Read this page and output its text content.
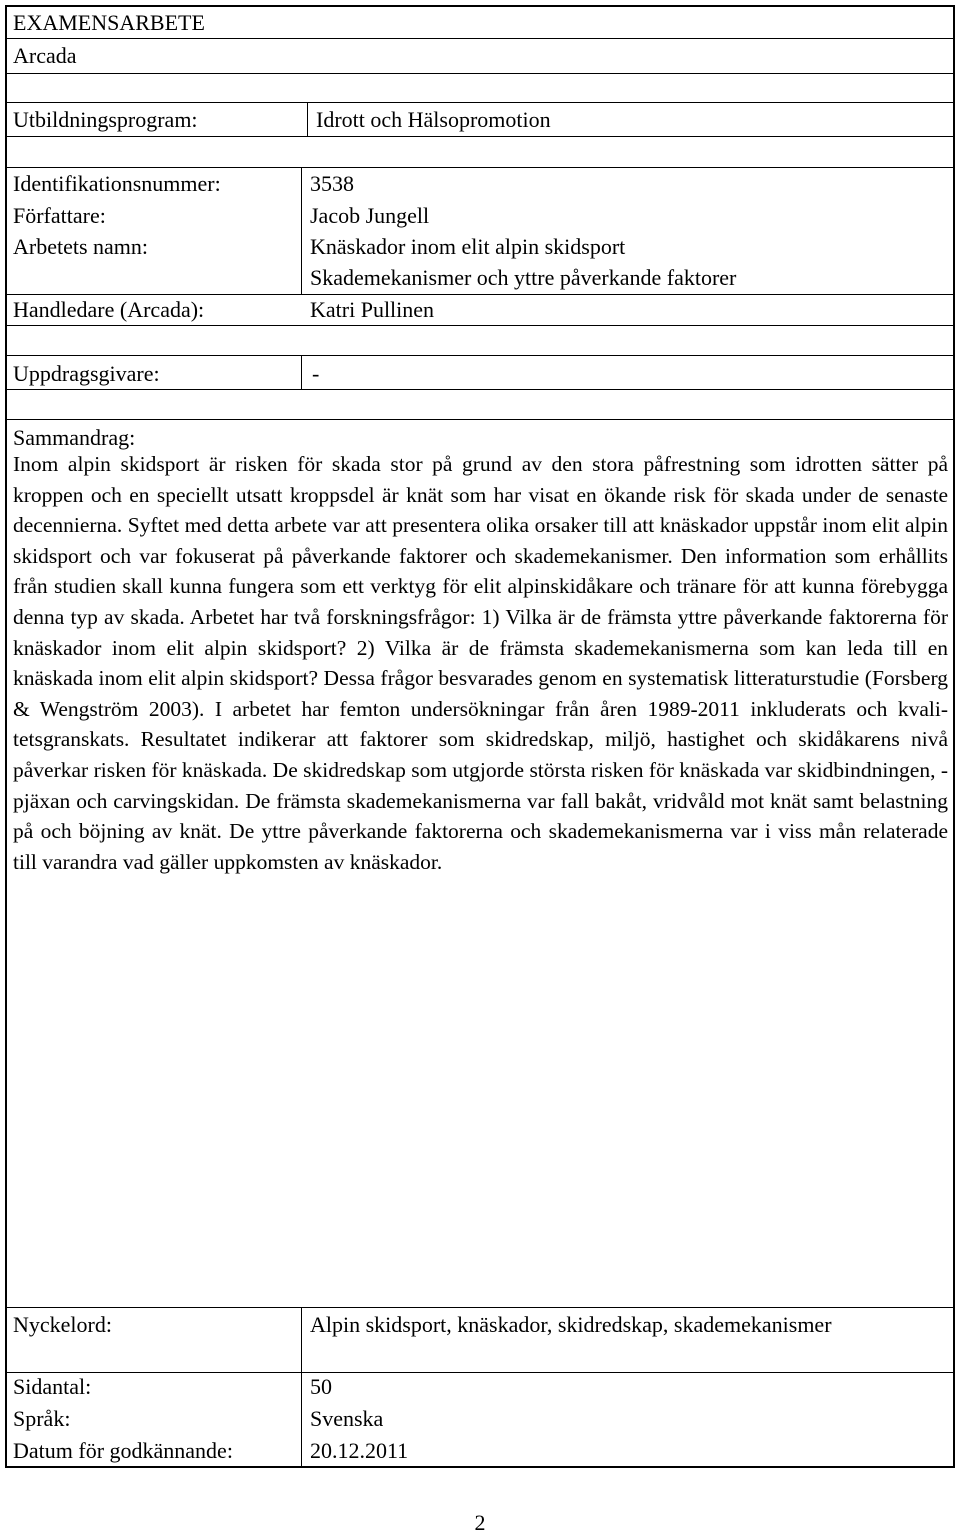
EXAMENSARBETE
Arcada
Utbildningsprogram:	Idrott och Hälsopromotion
Identifikationsnummer:	3538
Författare:	Jacob Jungell
Arbetets namn:	Knäskador inom elit alpin skidsport
Skademekanismer och yttre påverkande faktorer
Handledare (Arcada):	Katri Pullinen
Uppdragsgivare:	-
Sammandrag:
Inom alpin skidsport är risken för skada stor på grund av den stora påfrestning som idrotten sätter på kroppen och en speciellt utsatt kroppsdel är knät som har visat en ökande risk för skada under de senaste decennierna. Syftet med detta arbete var att presentera olika orsaker till att knäskador uppstår inom elit alpin skidsport och var fokuserat på påverkande faktorer och skademekanismer. Den information som erhållits från studien skall kunna fungera som ett verktyg för elit alpinskidåkare och tränare för att kunna förebygga denna typ av skada. Arbetet har två forskningsfrågor: 1) Vilka är de främsta yttre påverkande faktorerna för knäskador inom elit alpin skidsport? 2) Vilka är de främsta skademekanismerna som kan leda till en knäskada inom elit alpin skidsport? Dessa frågor besvarades genom en systematisk litteraturstudie (Forsberg & Wengström 2003). I arbetet har femton undersökningar från åren 1989-2011 inkluderats och kvalitetsgranskats. Resultatet indikerar att faktorer som skidredskap, miljö, hastighet och skidåkarens nivå påverkar risken för knäskada. De skidredskap som utgjorde största risken för knäskada var skidbindningen, -pjäxan och carvingskidan. De främsta skademekanismerna var fall bakåt, vridvåld mot knät samt belastning på och böjning av knät. De yttre påverkande faktorerna och skademekanismerna var i viss mån relaterade till varandra vad gäller uppkomsten av knäskador.
Nyckelord:	Alpin skidsport, knäskador, skidredskap, skademekanismer
Sidantal:	50
Språk:	Svenska
Datum för godkännande:	20.12.2011
2
